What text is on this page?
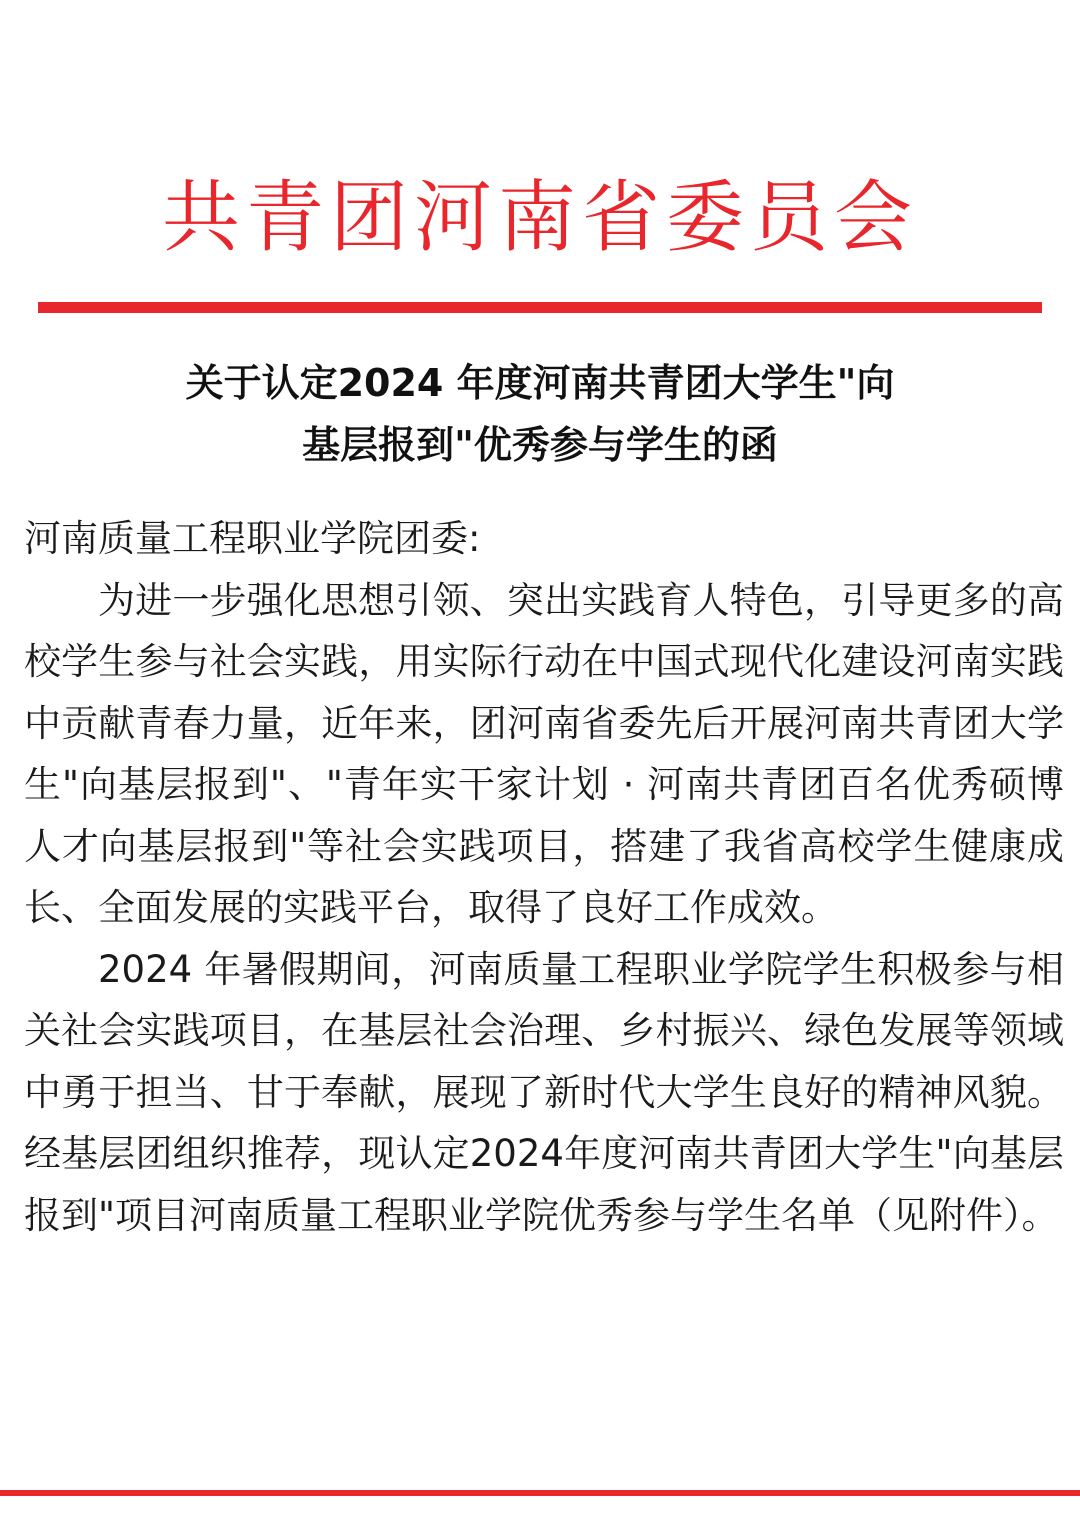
共青团河南省委员会
关于认定2024 年度河南共青团大学生"向
基层报到"优秀参与学生的函

河南质量工程职业学院团委:

为进一步强化思想引领、突出实践育人特色，引导更多的高校学生参与社会实践，用实际行动在中国式现代化建设河南实践中贡献青春力量，近年来，团河南省委先后开展河南共青团大学生"向基层报到"、"青年实干家计划 · 河南共青团百名优秀硕博人才向基层报到"等社会实践项目，搭建了我省高校学生健康成长、全面发展的实践平台，取得了良好工作成效。

2024 年暑假期间，河南质量工程职业学院学生积极参与相关社会实践项目，在基层社会治理、乡村振兴、绿色发展等领域中勇于担当、甘于奉献，展现了新时代大学生良好的精神风貌。经基层团组织推荐，现认定2024年度河南共青团大学生"向基层报到"项目河南质量工程职业学院优秀参与学生名单（见附件）。
